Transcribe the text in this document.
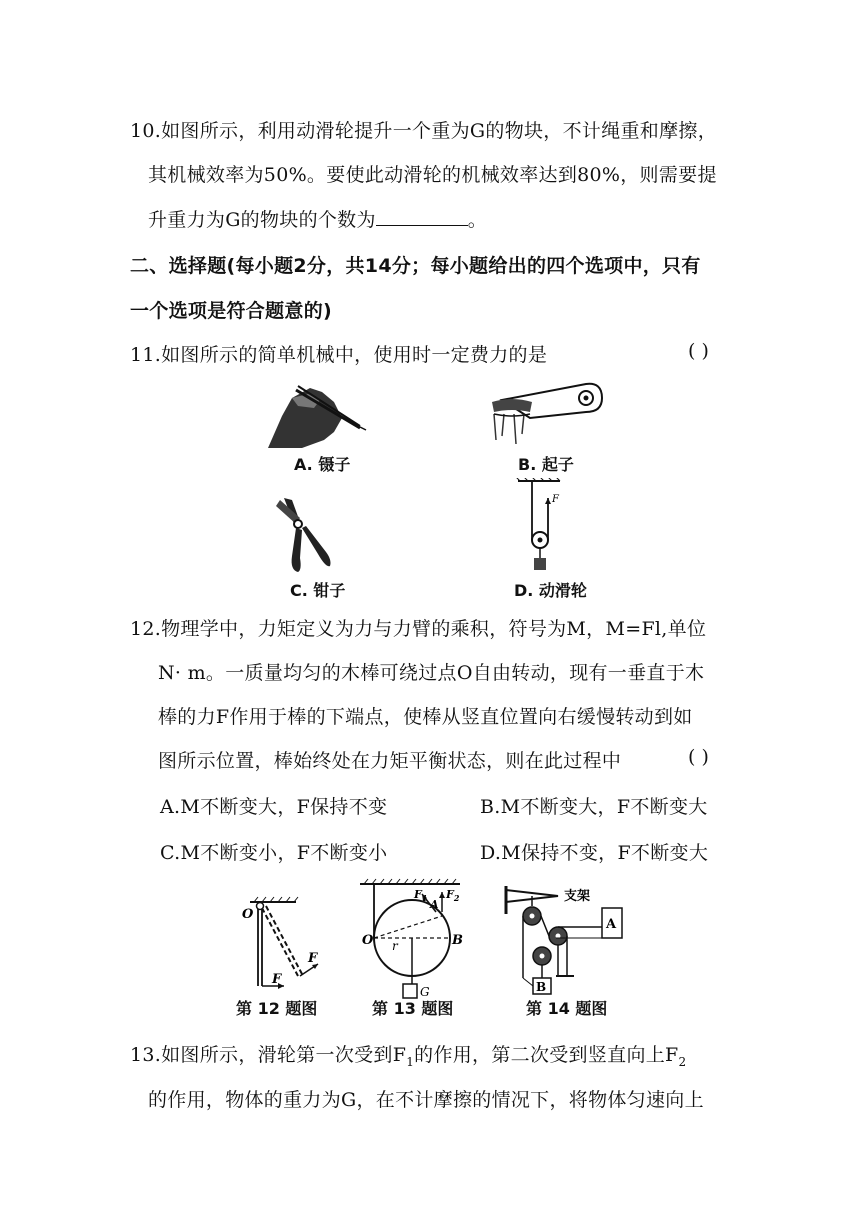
10.如图所示，利用动滑轮提升一个重为G的物块，不计绳重和摩擦，
其机械效率为50%。要使此动滑轮的机械效率达到80%，则需要提
升重力为G的物块的个数为	。
二、选择题(每小题2分，共14分；每小题给出的四个选项中，只有
一个选项是符合题意的)
11.如图所示的简单机械中，使用时一定费力的是	( )
A. 镊子	B. 起子
C. 钳子
F
D. 动滑轮
12.物理学中，力矩定义为力与力臂的乘积，符号为M，M=Fl,单位
N· m。一质量均匀的木棒可绕过点O自由转动，现有一垂直于木
棒的力F作用于棒的下端点，使棒从竖直位置向右缓慢转动到如
图所示位置，棒始终处在力矩平衡状态，则在此过程中	( )
A.M不断变大，F保持不变	B.M不断变大，F不断变大
C.M不断变小，F不断变小	D.M保持不变，F不断变大
O
F
F
第 12 题图
O r	B
A
$F_1$ $F_2$
G
第 13 题图
支架
A
B
第 14 题图
13.如图所示，滑轮第一次受到$F_1$的作用，第二次受到竖直向上$F_2$
的作用，物体的重力为G，在不计摩擦的情况下，将物体匀速向上
